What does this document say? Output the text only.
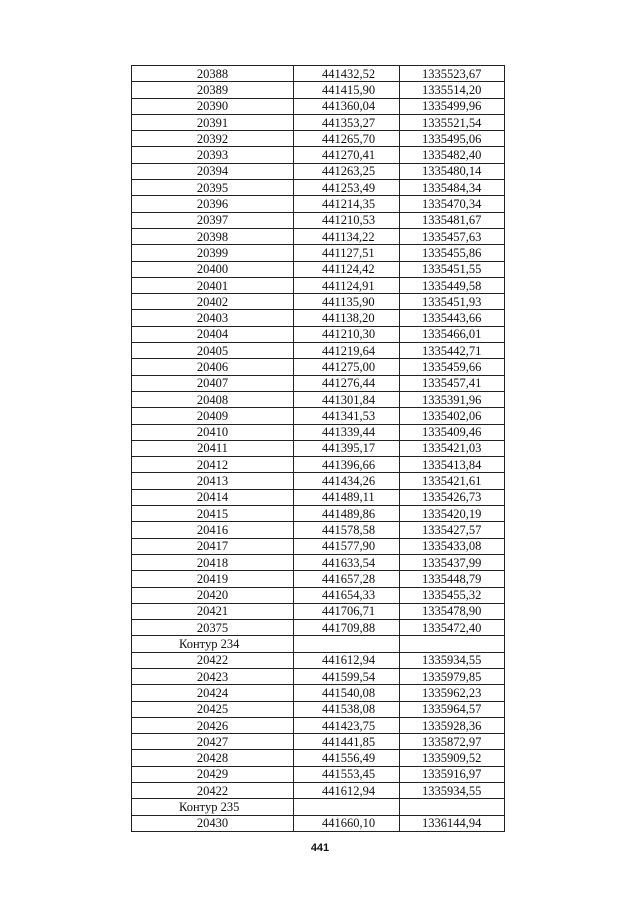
20388	441432,52	1335523,67
20389	441415,90	1335514,20
20390	441360,04	1335499,96
20391	441353,27	1335521,54
20392	441265,70	1335495,06
20393	441270,41	1335482,40
20394	441263,25	1335480,14
20395	441253,49	1335484,34
20396	441214,35	1335470,34
20397	441210,53	1335481,67
20398	441134,22	1335457,63
20399	441127,51	1335455,86
20400	441124,42	1335451,55
20401	441124,91	1335449,58
20402	441135,90	1335451,93
20403	441138,20	1335443,66
20404	441210,30	1335466,01
20405	441219,64	1335442,71
20406	441275,00	1335459,66
20407	441276,44	1335457,41
20408	441301,84	1335391,96
20409	441341,53	1335402,06
20410	441339,44	1335409,46
20411	441395,17	1335421,03
20412	441396,66	1335413,84
20413	441434,26	1335421,61
20414	441489,11	1335426,73
20415	441489,86	1335420,19
20416	441578,58	1335427,57
20417	441577,90	1335433,08
20418	441633,54	1335437,99
20419	441657,28	1335448,79
20420	441654,33	1335455,32
20421	441706,71	1335478,90
20375	441709,88	1335472,40
Контур 234		
20422	441612,94	1335934,55
20423	441599,54	1335979,85
20424	441540,08	1335962,23
20425	441538,08	1335964,57
20426	441423,75	1335928,36
20427	441441,85	1335872,97
20428	441556,49	1335909,52
20429	441553,45	1335916,97
20422	441612,94	1335934,55
Контур 235		
20430	441660,10	1336144,94
441
